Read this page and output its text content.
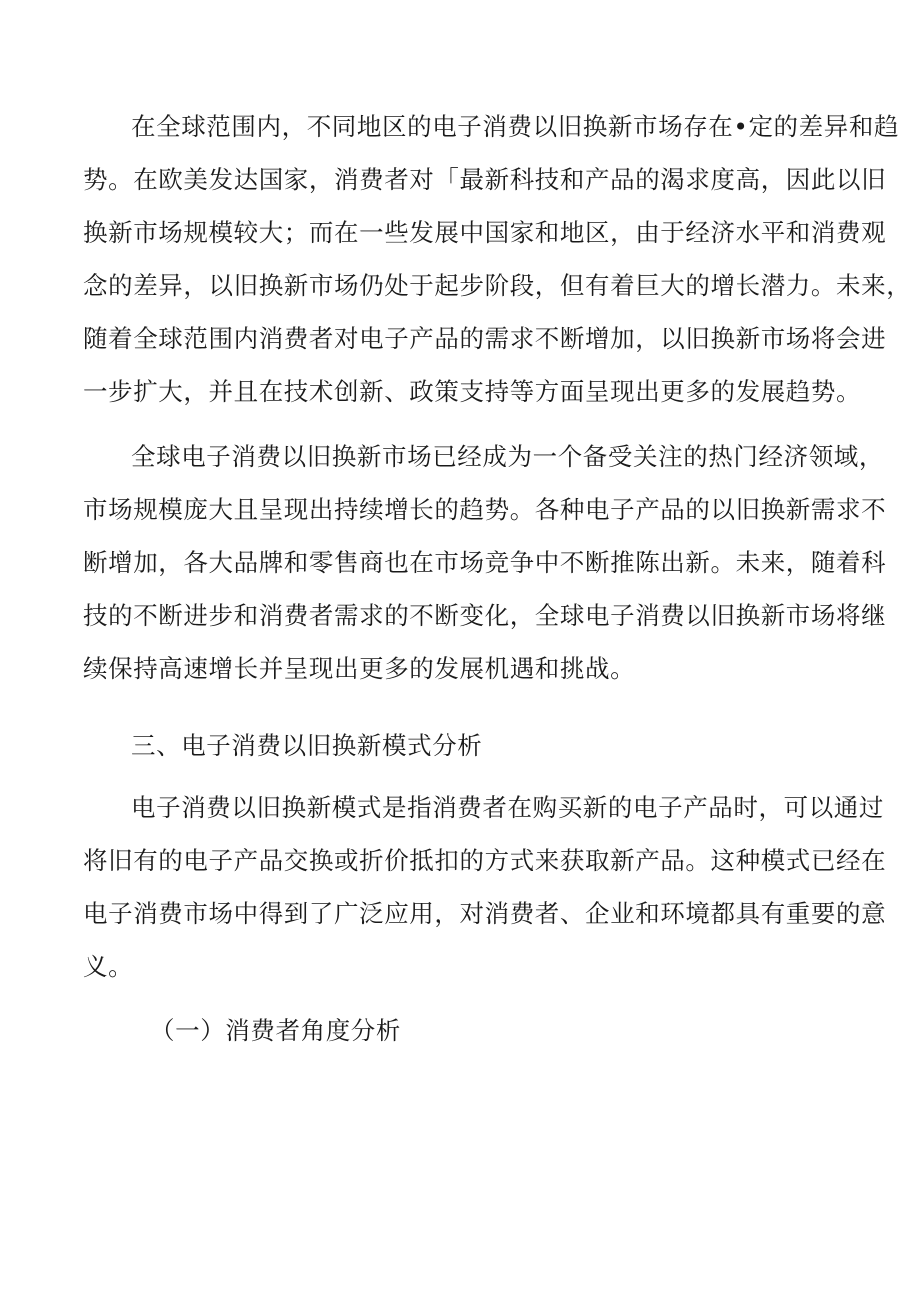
在全球范围内，不同地区的电子消费以旧换新市场存在•定的差异和趋
势。在欧美发达国家，消费者对「最新科技和产品的渴求度高，因此以旧
换新市场规模较大；而在一些发展中国家和地区，由于经济水平和消费观
念的差异，以旧换新市场仍处于起步阶段，但有着巨大的增长潜力。未来，
随着全球范围内消费者对电子产品的需求不断增加，以旧换新市场将会进
一步扩大，并且在技术创新、政策支持等方面呈现出更多的发展趋势。
全球电子消费以旧换新市场已经成为一个备受关注的热门经济领域，
市场规模庞大且呈现出持续增长的趋势。各种电子产品的以旧换新需求不
断增加，各大品牌和零售商也在市场竞争中不断推陈出新。未来，随着科
技的不断进步和消费者需求的不断变化，全球电子消费以旧换新市场将继
续保持高速增长并呈现出更多的发展机遇和挑战。
三、电子消费以旧换新模式分析
电子消费以旧换新模式是指消费者在购买新的电子产品时，可以通过
将旧有的电子产品交换或折价抵扣的方式来获取新产品。这种模式已经在
电子消费市场中得到了广泛应用，对消费者、企业和环境都具有重要的意
义。
（一）消费者角度分析
